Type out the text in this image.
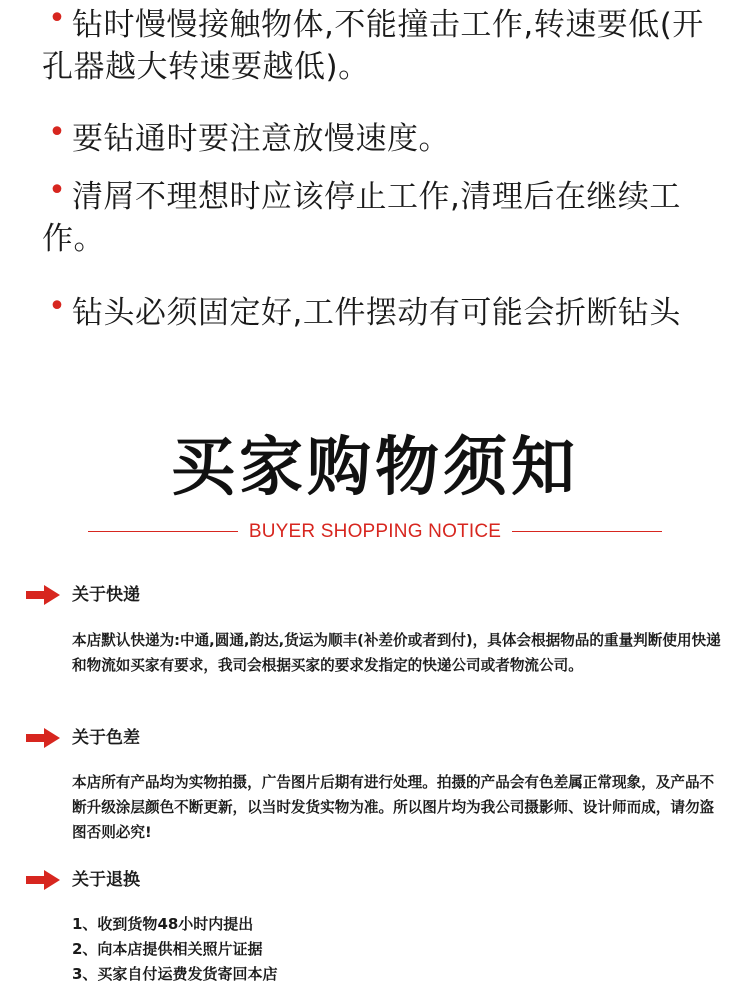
• 钻时慢慢接触物体,不能撞击工作,转速要低(开孔器越大转速要越低)。
• 要钻通时要注意放慢速度。
• 清屑不理想时应该停止工作,清理后在继续工作。
• 钻头必须固定好,工件摆动有可能会折断钻头
买家购物须知
BUYER SHOPPING NOTICE
关于快递
本店默认快递为:中通,圆通,韵达,货运为顺丰(补差价或者到付)，具体会根据物品的重量判断使用快递和物流如买家有要求，我司会根据买家的要求发指定的快递公司或者物流公司。
关于色差
本店所有产品均为实物拍摄，广告图片后期有进行处理。拍摄的产品会有色差属正常现象，及产品不断升级涂层颜色不断更新，以当时发货实物为准。所以图片均为我公司摄影师、设计师而成，请勿盗图否则必究!
关于退换
1、收到货物48小时内提出
2、向本店提供相关照片证据
3、买家自付运费发货寄回本店
